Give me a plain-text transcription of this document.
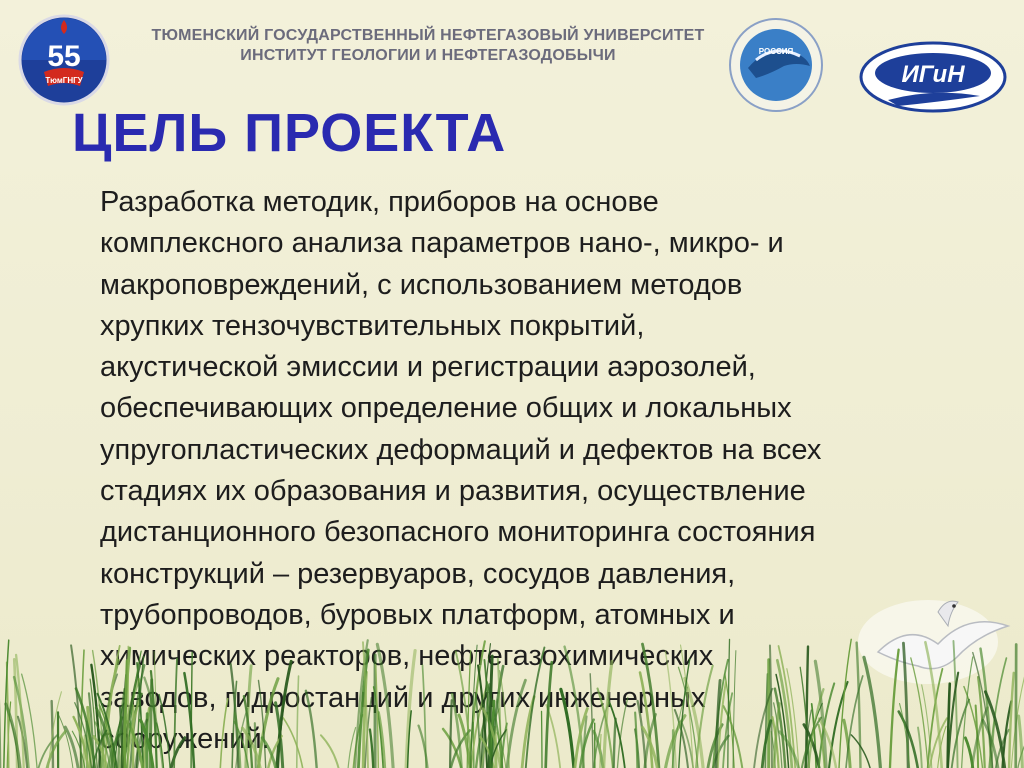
55
ТюмГНГУ
ТЮМЕНСКИЙ ГОСУДАРСТВЕННЫЙ НЕФТЕГАЗОВЫЙ УНИВЕРСИТЕТ
ИНСТИТУТ ГЕОЛОГИИ И НЕФТЕГАЗОДОБЫЧИ	РОССИЯ
ИГиН
ЦЕЛЬ ПРОЕКТА
Разработка методик, приборов на основе
комплексного анализа параметров нано-, микро- и
макроповреждений, с использованием методов
хрупких тензочувствительных покрытий,
акустической эмиссии и регистрации аэрозолей,
обеспечивающих определение общих и локальных
упругопластических деформаций и дефектов на всех
стадиях их образования и развития, осуществление
дистанционного безопасного мониторинга состояния
конструкций – резервуаров, сосудов давления,
трубопроводов, буровых платформ, атомных и
химических реакторов, нефтегазохимических
заводов, гидростанций и других инженерных
сооружений.
